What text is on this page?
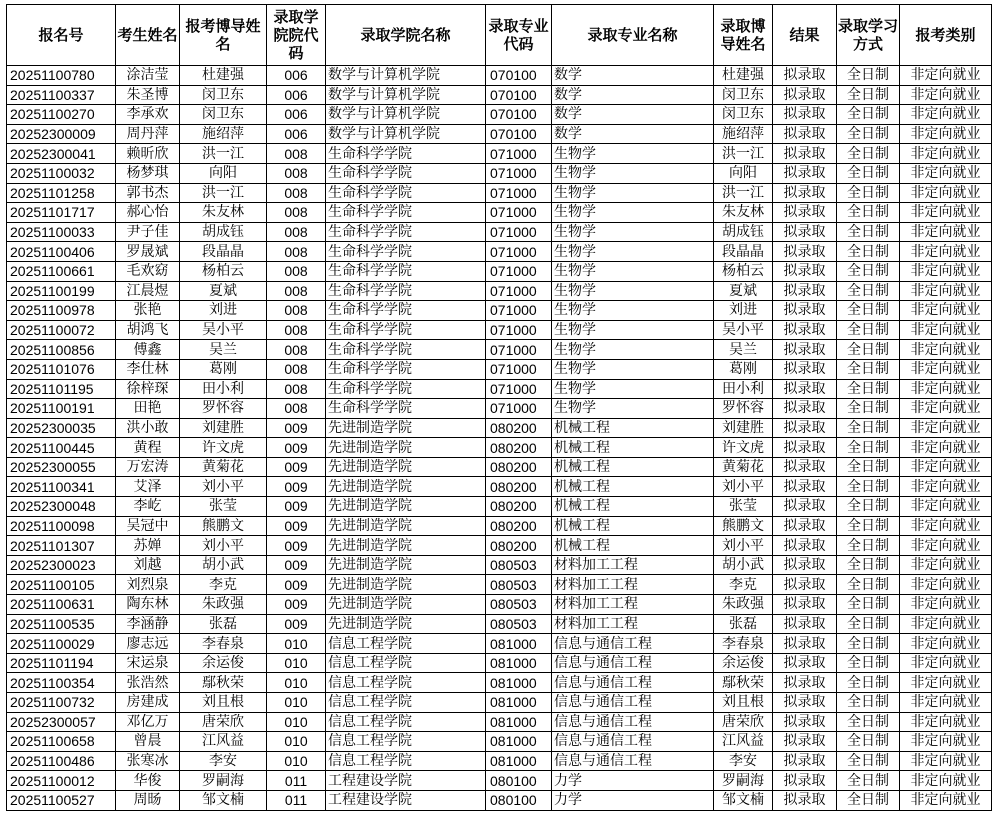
报名号	考生姓名	报考博导姓名	录取学院院代码	录取学院名称	录取专业代码	录取专业名称	录取博导姓名	结果	录取学习方式	报考类别
20251100780	涂洁莹	杜建强	006	数学与计算机学院	070100	数学	杜建强	拟录取	全日制	非定向就业
20251100337	朱圣博	闵卫东	006	数学与计算机学院	070100	数学	闵卫东	拟录取	全日制	非定向就业
20251100270	李承欢	闵卫东	006	数学与计算机学院	070100	数学	闵卫东	拟录取	全日制	非定向就业
20252300009	周丹萍	施绍萍	006	数学与计算机学院	070100	数学	施绍萍	拟录取	全日制	非定向就业
20252300041	赖昕欣	洪一江	008	生命科学学院	071000	生物学	洪一江	拟录取	全日制	非定向就业
20251100032	杨梦琪	向阳	008	生命科学学院	071000	生物学	向阳	拟录取	全日制	非定向就业
20251101258	郭书杰	洪一江	008	生命科学学院	071000	生物学	洪一江	拟录取	全日制	非定向就业
20251101717	郝心怡	朱友林	008	生命科学学院	071000	生物学	朱友林	拟录取	全日制	非定向就业
20251100033	尹子佳	胡成钰	008	生命科学学院	071000	生物学	胡成钰	拟录取	全日制	非定向就业
20251100406	罗晟斌	段晶晶	008	生命科学学院	071000	生物学	段晶晶	拟录取	全日制	非定向就业
20251100661	毛欢窈	杨柏云	008	生命科学学院	071000	生物学	杨柏云	拟录取	全日制	非定向就业
20251100199	江晨煜	夏斌	008	生命科学学院	071000	生物学	夏斌	拟录取	全日制	非定向就业
20251100978	张艳	刘进	008	生命科学学院	071000	生物学	刘进	拟录取	全日制	非定向就业
20251100072	胡鸿飞	吴小平	008	生命科学学院	071000	生物学	吴小平	拟录取	全日制	非定向就业
20251100856	傅鑫	吴兰	008	生命科学学院	071000	生物学	吴兰	拟录取	全日制	非定向就业
20251101076	李仕林	葛刚	008	生命科学学院	071000	生物学	葛刚	拟录取	全日制	非定向就业
20251101195	徐梓琛	田小利	008	生命科学学院	071000	生物学	田小利	拟录取	全日制	非定向就业
20251100191	田艳	罗怀容	008	生命科学学院	071000	生物学	罗怀容	拟录取	全日制	非定向就业
20252300035	洪小敢	刘建胜	009	先进制造学院	080200	机械工程	刘建胜	拟录取	全日制	非定向就业
20251100445	黄程	许文虎	009	先进制造学院	080200	机械工程	许文虎	拟录取	全日制	非定向就业
20252300055	万宏涛	黄菊花	009	先进制造学院	080200	机械工程	黄菊花	拟录取	全日制	非定向就业
20251100341	艾泽	刘小平	009	先进制造学院	080200	机械工程	刘小平	拟录取	全日制	非定向就业
20252300048	李屹	张莹	009	先进制造学院	080200	机械工程	张莹	拟录取	全日制	非定向就业
20251100098	吴冠中	熊鹏文	009	先进制造学院	080200	机械工程	熊鹏文	拟录取	全日制	非定向就业
20251101307	苏婵	刘小平	009	先进制造学院	080200	机械工程	刘小平	拟录取	全日制	非定向就业
20252300023	刘越	胡小武	009	先进制造学院	080503	材料加工工程	胡小武	拟录取	全日制	非定向就业
20251100105	刘烈泉	李克	009	先进制造学院	080503	材料加工工程	李克	拟录取	全日制	非定向就业
20251100631	陶东林	朱政强	009	先进制造学院	080503	材料加工工程	朱政强	拟录取	全日制	非定向就业
20251100535	李涵静	张磊	009	先进制造学院	080503	材料加工工程	张磊	拟录取	全日制	非定向就业
20251100029	廖志远	李春泉	010	信息工程学院	081000	信息与通信工程	李春泉	拟录取	全日制	非定向就业
20251101194	宋运泉	余运俊	010	信息工程学院	081000	信息与通信工程	余运俊	拟录取	全日制	非定向就业
20251100354	张浩然	鄢秋荣	010	信息工程学院	081000	信息与通信工程	鄢秋荣	拟录取	全日制	非定向就业
20251100732	房建成	刘且根	010	信息工程学院	081000	信息与通信工程	刘且根	拟录取	全日制	非定向就业
20252300057	邓亿万	唐荣欣	010	信息工程学院	081000	信息与通信工程	唐荣欣	拟录取	全日制	非定向就业
20251100658	曾晨	江风益	010	信息工程学院	081000	信息与通信工程	江风益	拟录取	全日制	非定向就业
20251100486	张寒冰	李安	010	信息工程学院	081000	信息与通信工程	李安	拟录取	全日制	非定向就业
20251100012	华俊	罗嗣海	011	工程建设学院	080100	力学	罗嗣海	拟录取	全日制	非定向就业
20251100527	周旸	邹文楠	011	工程建设学院	080100	力学	邹文楠	拟录取	全日制	非定向就业
